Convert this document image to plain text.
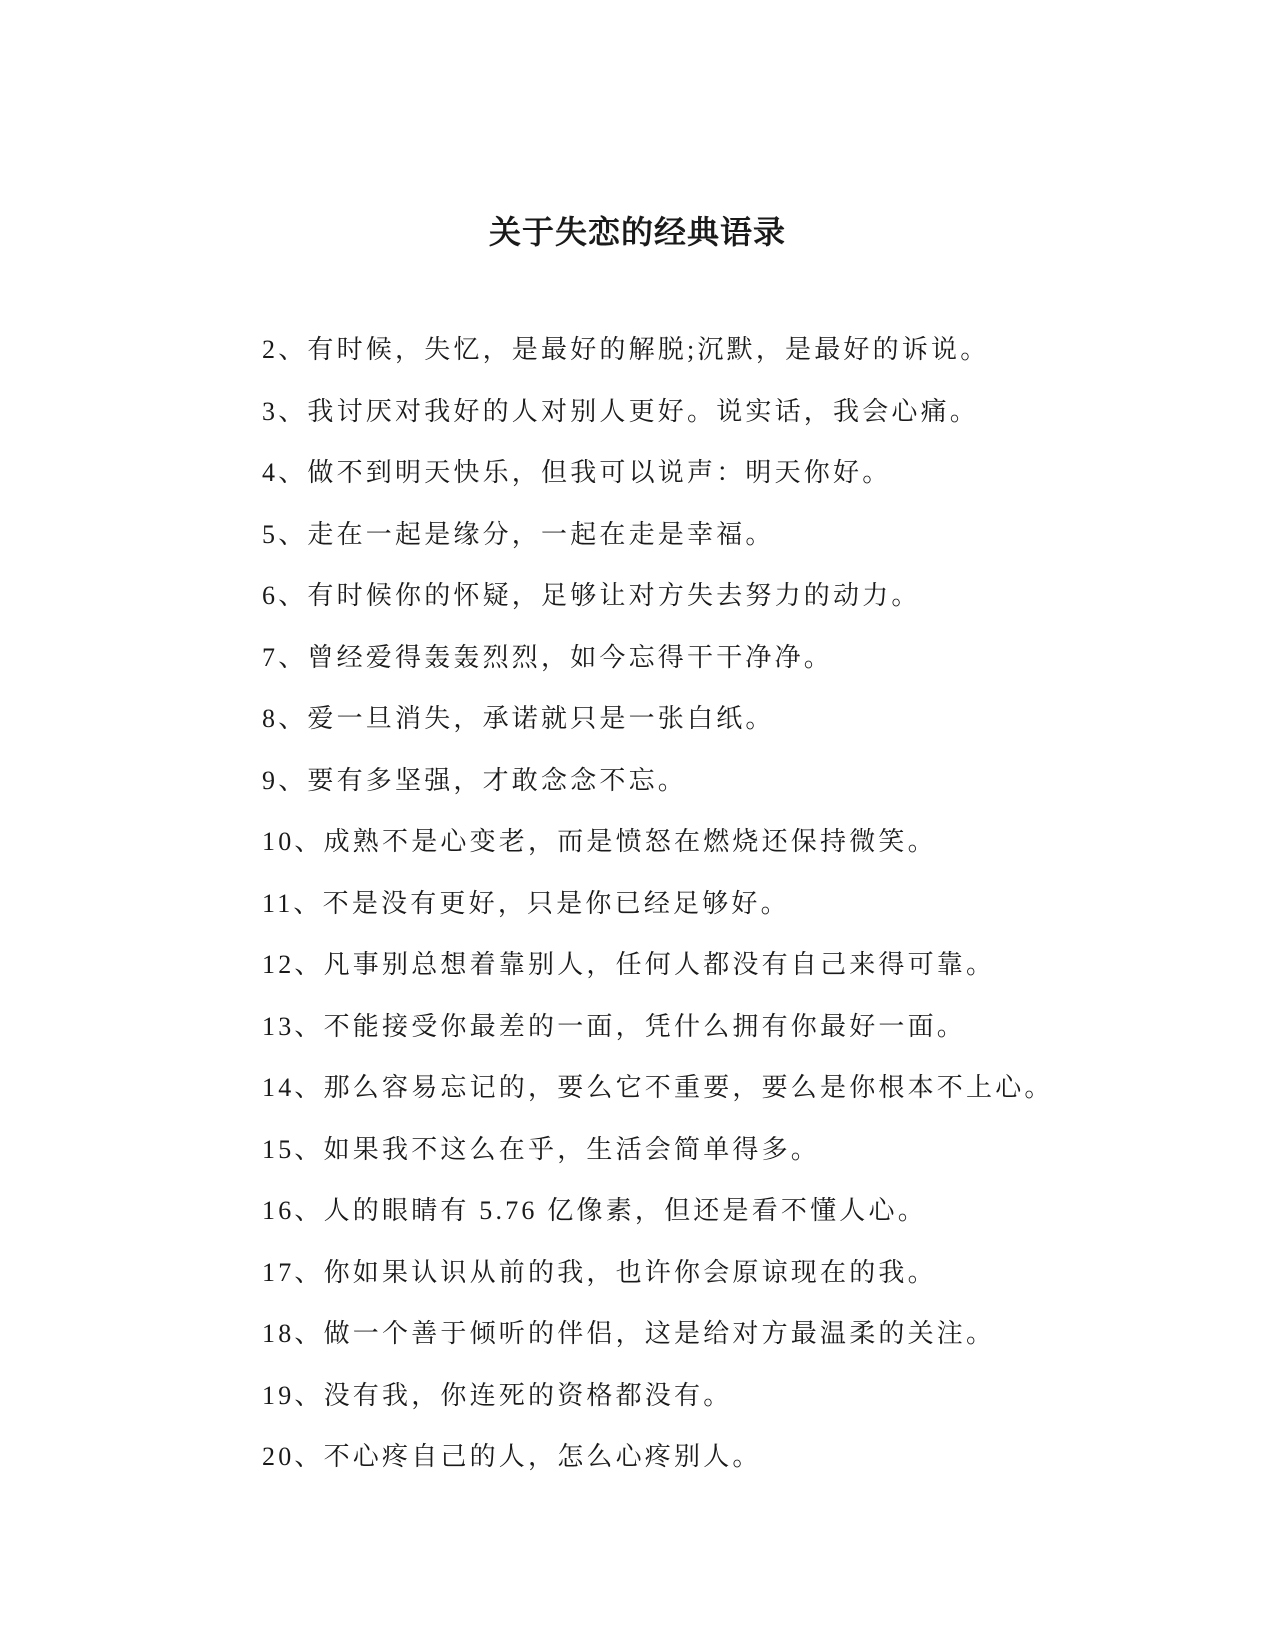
关于失恋的经典语录
2、有时候，失忆，是最好的解脱;沉默，是最好的诉说。
3、我讨厌对我好的人对别人更好。说实话，我会心痛。
4、做不到明天快乐，但我可以说声：明天你好。
5、走在一起是缘分，一起在走是幸福。
6、有时候你的怀疑，足够让对方失去努力的动力。
7、曾经爱得轰轰烈烈，如今忘得干干净净。
8、爱一旦消失，承诺就只是一张白纸。
9、要有多坚强，才敢念念不忘。
10、成熟不是心变老，而是愤怒在燃烧还保持微笑。
11、不是没有更好，只是你已经足够好。
12、凡事别总想着靠别人，任何人都没有自己来得可靠。
13、不能接受你最差的一面，凭什么拥有你最好一面。
14、那么容易忘记的，要么它不重要，要么是你根本不上心。
15、如果我不这么在乎，生活会简单得多。
16、人的眼睛有 5.76 亿像素，但还是看不懂人心。
17、你如果认识从前的我，也许你会原谅现在的我。
18、做一个善于倾听的伴侣，这是给对方最温柔的关注。
19、没有我，你连死的资格都没有。
20、不心疼自己的人，怎么心疼别人。
